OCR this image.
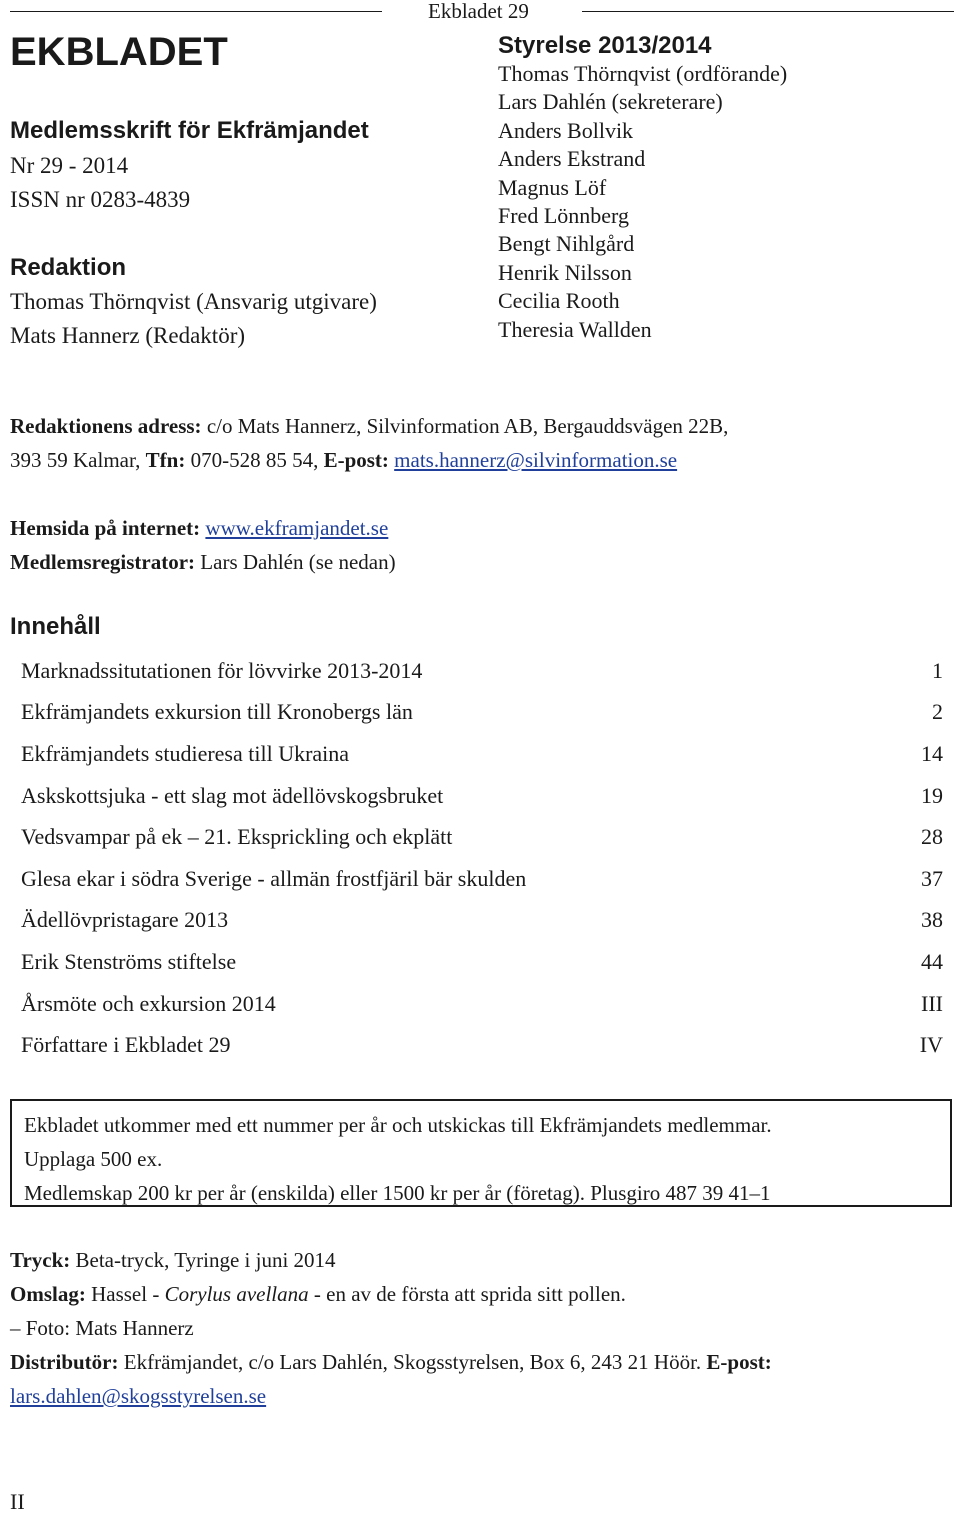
Ekbladet 29
EKBLADET
Medlemsskrift för Ekfrämjandet
Nr 29 - 2014
ISSN nr 0283-4839
Redaktion
Thomas Thörnqvist (Ansvarig utgivare)
Mats Hannerz (Redaktör)
Styrelse 2013/2014
Thomas Thörnqvist (ordförande)
Lars Dahlén (sekreterare)
Anders Bollvik
Anders Ekstrand
Magnus Löf
Fred Lönnberg
Bengt Nihlgård
Henrik Nilsson
Cecilia Rooth
Theresia Wallden
Redaktionens adress: c/o Mats Hannerz, Silvinformation AB, Bergauddsvägen 22B,
393 59 Kalmar, Tfn: 070-528 85 54, E-post: mats.hannerz@silvinformation.se
Hemsida på internet: www.ekframjandet.se
Medlemsregistrator: Lars Dahlén (se nedan)
Innehåll
Marknadssitutationen för lövvirke 2013-2014	1
Ekfrämjandets exkursion till Kronobergs län	2
Ekfrämjandets studieresa till Ukraina	14
Askskottsjuka - ett slag mot ädellövskogsbruket	19
Vedsvampar på ek – 21. Eksprickling och ekplätt	28
Glesa ekar i södra Sverige - allmän frostfjäril bär skulden	37
Ädellövpristagare 2013	38
Erik Stenströms stiftelse	44
Årsmöte och exkursion 2014	III
Författare i Ekbladet 29	IV
Ekbladet utkommer med ett nummer per år och utskickas till Ekfrämjandets medlemmar.
Upplaga 500 ex.
Medlemskap 200 kr per år (enskilda) eller 1500 kr per år (företag). Plusgiro 487 39 41–1
Tryck: Beta-tryck, Tyringe i juni 2014
Omslag: Hassel - Corylus avellana - en av de första att sprida sitt pollen.
– Foto: Mats Hannerz
Distributör: Ekfrämjandet, c/o Lars Dahlén, Skogsstyrelsen, Box 6, 243 21 Höör. E-post:
lars.dahlen@skogsstyrelsen.se
II
